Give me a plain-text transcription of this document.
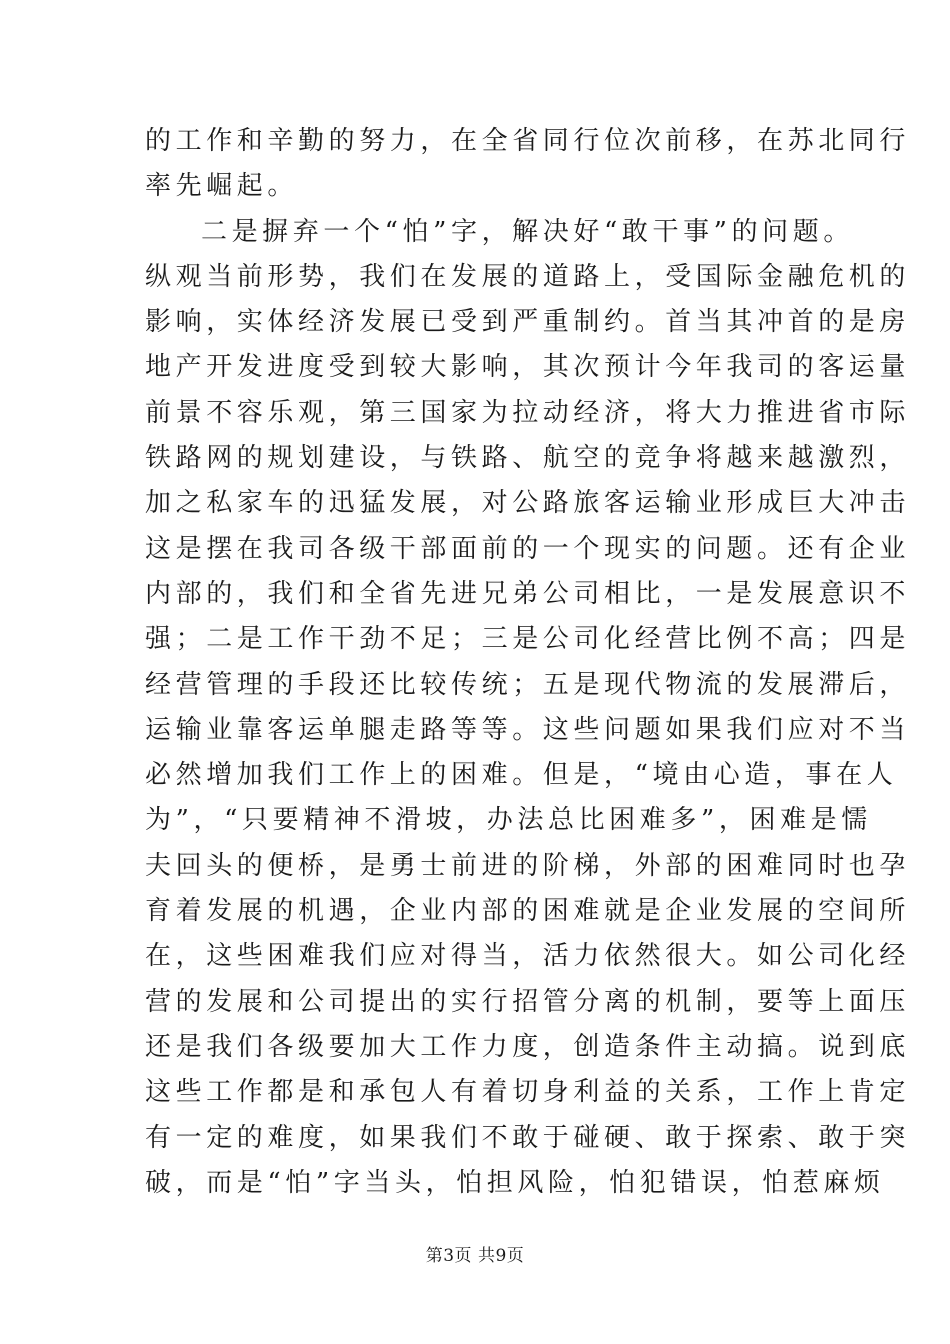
的工作和辛勤的努力，在全省同行位次前移，在苏北同行
率先崛起。
二是摒弃一个“怕”字，解决好“敢干事”的问题。
纵观当前形势，我们在发展的道路上，受国际金融危机的
影响，实体经济发展已受到严重制约。首当其冲首的是房
地产开发进度受到较大影响，其次预计今年我司的客运量
前景不容乐观，第三国家为拉动经济，将大力推进省市际
铁路网的规划建设，与铁路、航空的竞争将越来越激烈，
加之私家车的迅猛发展，对公路旅客运输业形成巨大冲击
这是摆在我司各级干部面前的一个现实的问题。还有企业
内部的，我们和全省先进兄弟公司相比，一是发展意识不
强；二是工作干劲不足；三是公司化经营比例不高；四是
经营管理的手段还比较传统；五是现代物流的发展滞后，
运输业靠客运单腿走路等等。这些问题如果我们应对不当
必然增加我们工作上的困难。但是，“境由心造，事在人
为”，“只要精神不滑坡，办法总比困难多”，困难是懦
夫回头的便桥，是勇士前进的阶梯，外部的困难同时也孕
育着发展的机遇，企业内部的困难就是企业发展的空间所
在，这些困难我们应对得当，活力依然很大。如公司化经
营的发展和公司提出的实行招管分离的机制，要等上面压
还是我们各级要加大工作力度，创造条件主动搞。说到底
这些工作都是和承包人有着切身利益的关系，工作上肯定
有一定的难度，如果我们不敢于碰硬、敢于探索、敢于突
破，而是“怕”字当头，怕担风险，怕犯错误，怕惹麻烦
第3页 共9页
